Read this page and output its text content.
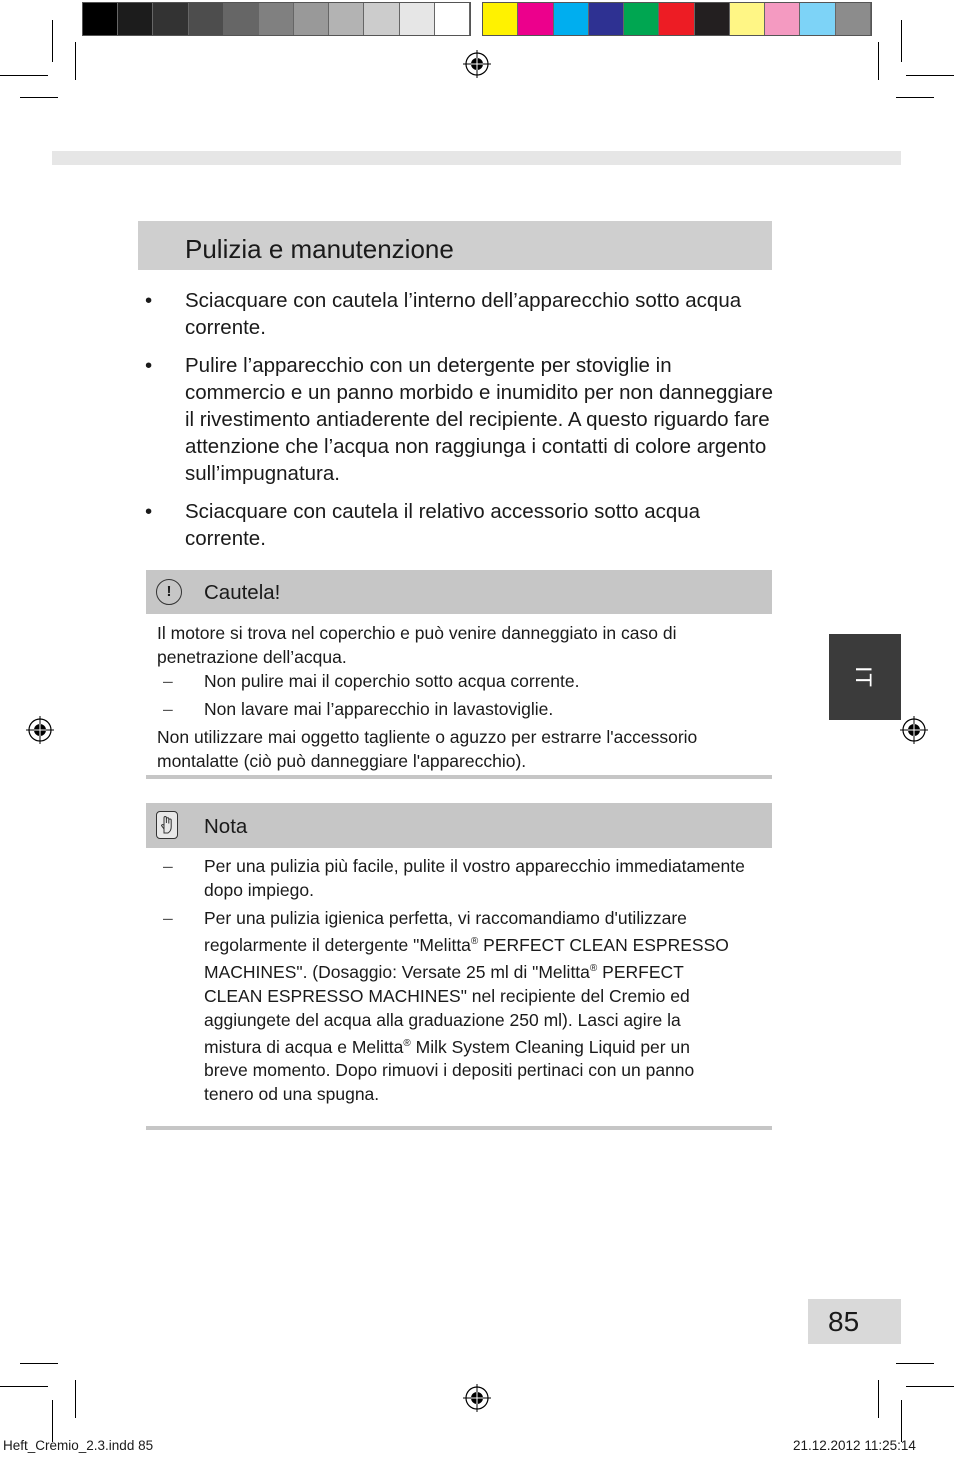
Pulizia e manutenzione
• Sciacquare con cautela l’interno dell’apparecchio sotto acqua corrente.
• Pulire l’apparecchio con un detergente per stoviglie in commercio e un panno morbido e inumidito per non danneggiare il rivestimento antiaderente del recipiente. A questo riguardo fare attenzione che l’acqua non raggiunga i contatti di colore argento sull’impugnatura.
• Sciacquare con cautela il relativo accessorio sotto acqua corrente.
!	Cautela!

Il motore si trova nel coperchio e può venire danneggiato in caso di penetrazione dell’acqua.

– Non pulire mai il coperchio sotto acqua corrente.
– Non lavare mai l’apparecchio in lavastoviglie.

Non utilizzare mai oggetto tagliente o aguzzo per estrarre l'accessorio montalatte (ciò può danneggiare l'apparecchio).

Nota
– Per una pulizia più facile, pulite il vostro apparecchio immediatamente dopo impiego.
– Per una pulizia igienica perfetta, vi raccomandiamo d'utilizzare regolarmente il detergente "Melitta® PERFECT CLEAN ESPRESSO MACHINES". (Dosaggio: Versate 25 ml di "Melitta® PERFECT CLEAN ESPRESSO MACHINES" nel recipiente del Cremio ed aggiungete del acqua alla graduazione 250 ml). Lasci agire la mistura di acqua e Melitta® Milk System Cleaning Liquid per un breve momento. Dopo rimuovi i depositi pertinaci con un panno tenero od una spugna.
IT
85
Heft_Cremio_2.3.indd 85	21.12.2012 11:25:14
